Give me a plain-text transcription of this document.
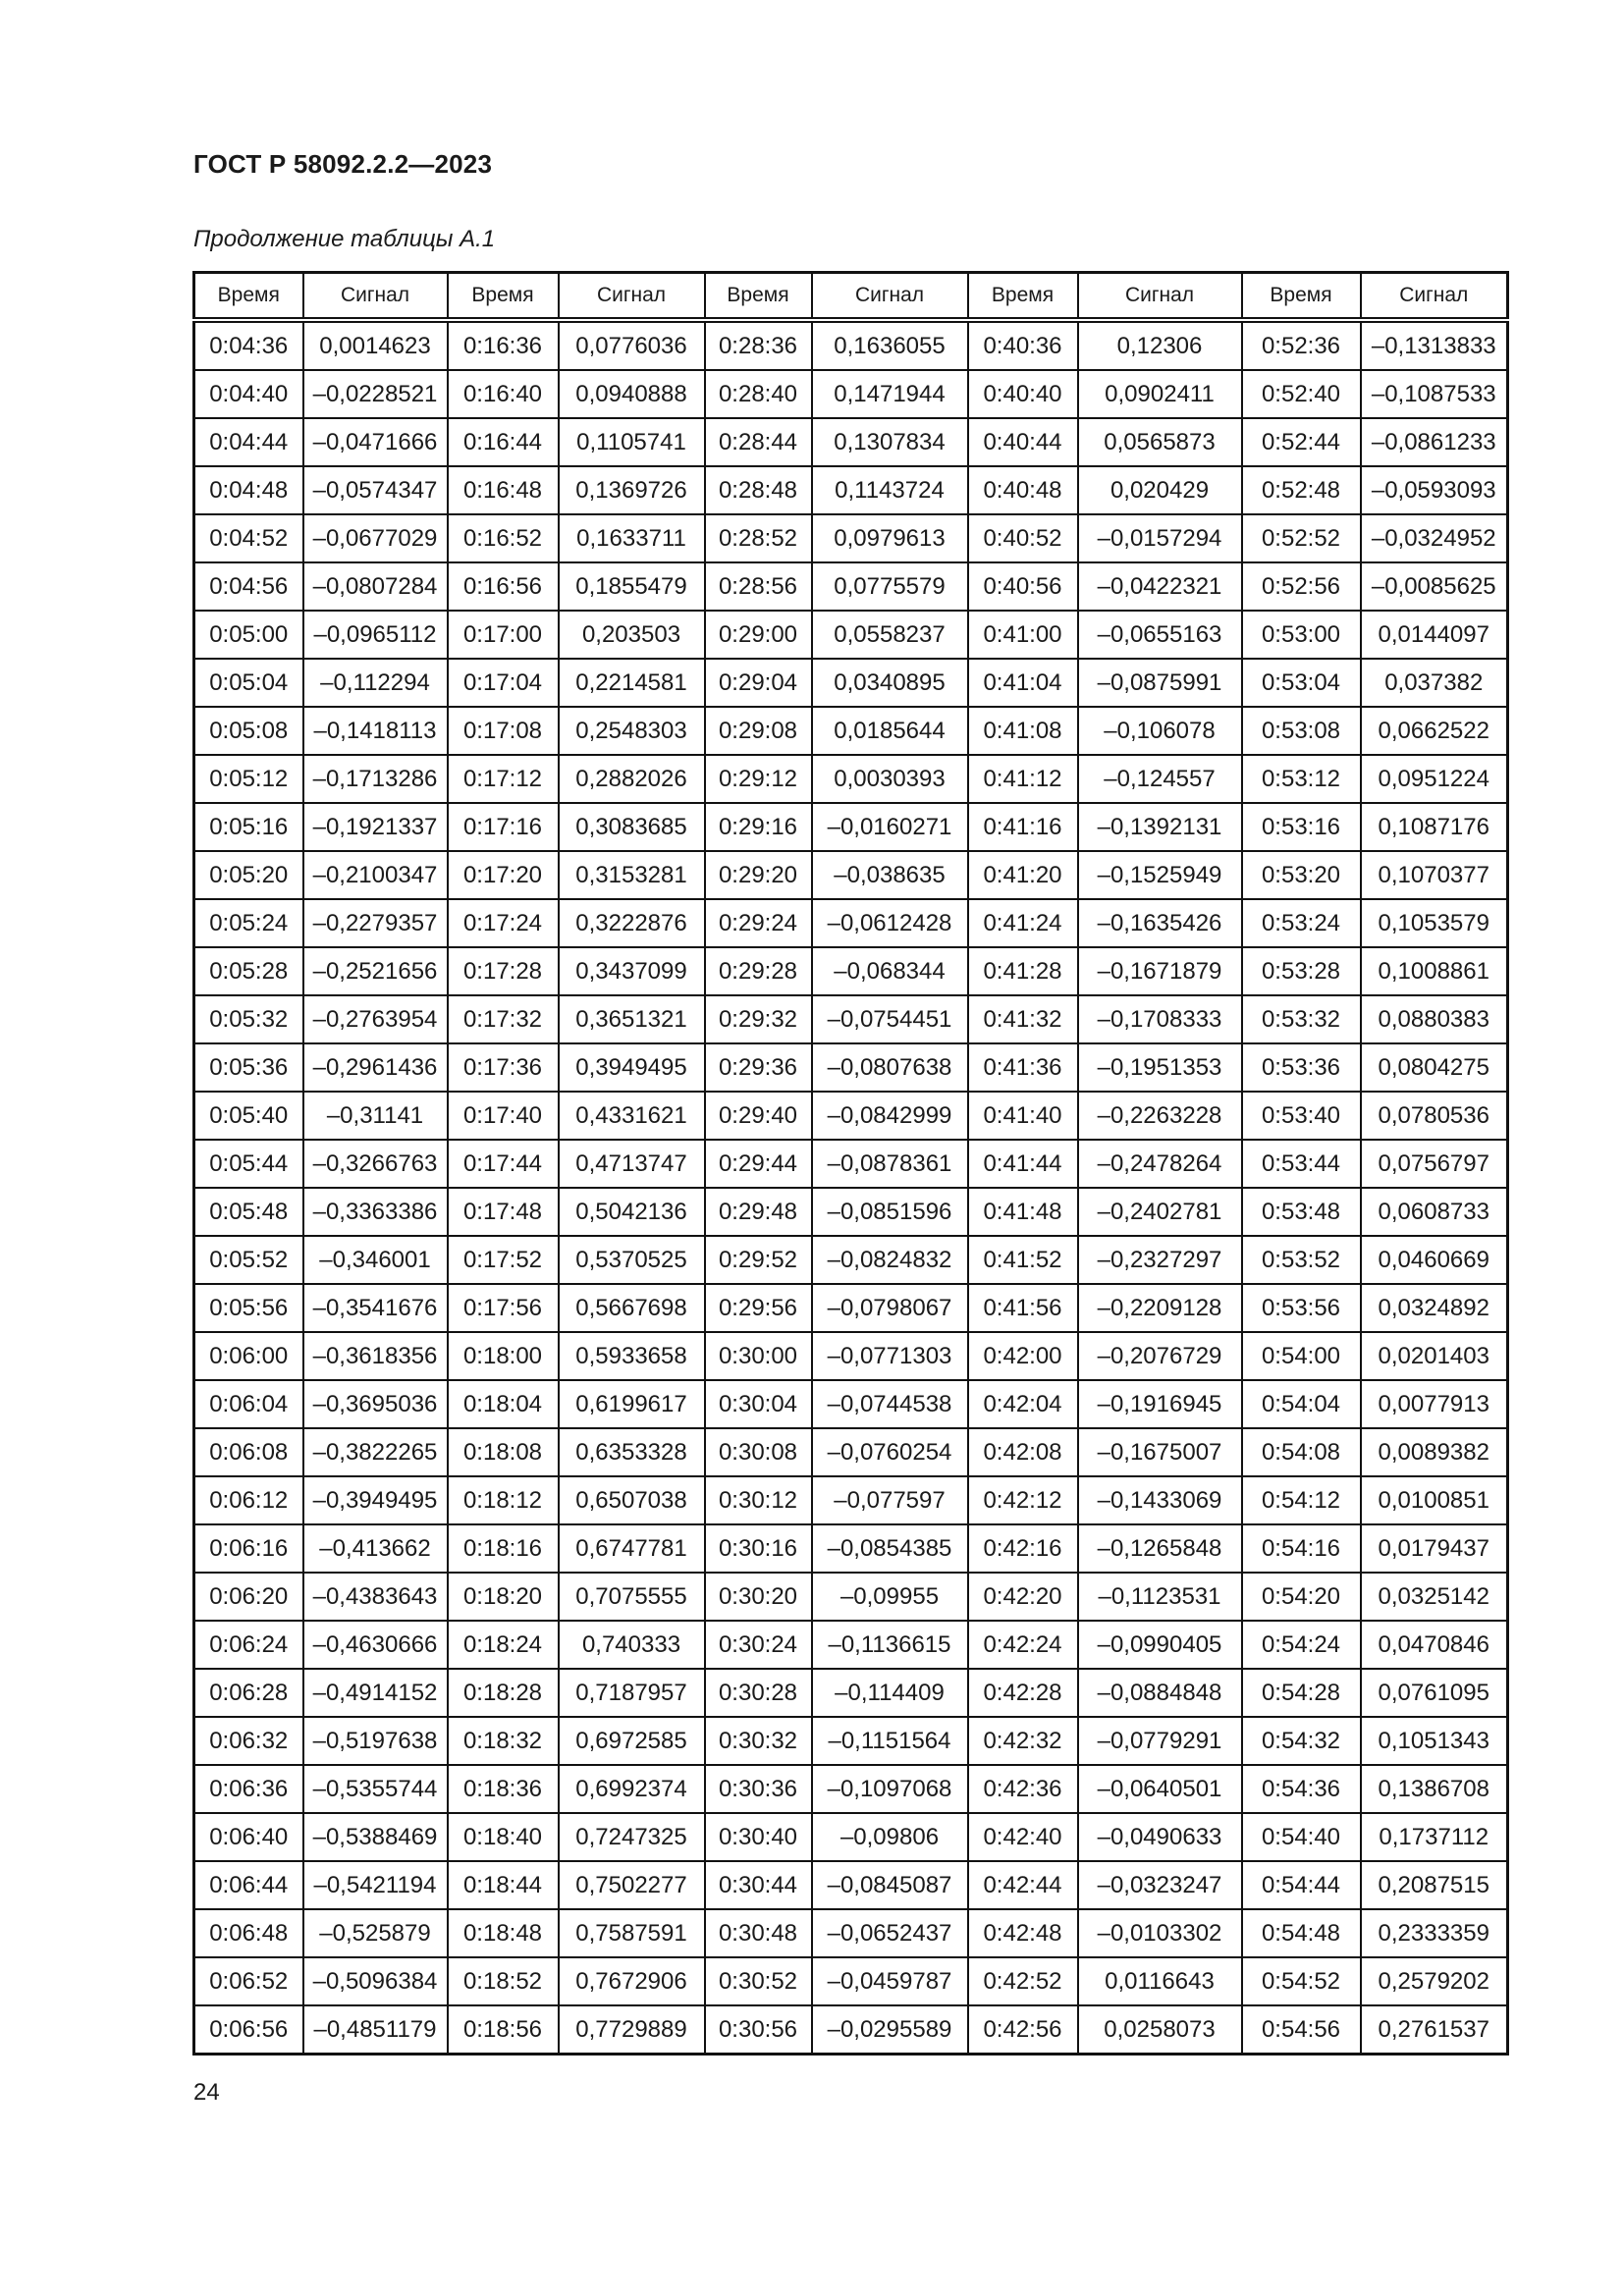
ГОСТ Р 58092.2.2—2023
Продолжение таблицы А.1
Время	Сигнал	Время	Сигнал	Время	Сигнал	Время	Сигнал	Время	Сигнал
0:04:36	0,0014623	0:16:36	0,0776036	0:28:36	0,1636055	0:40:36	0,12306	0:52:36	–0,1313833
0:04:40	–0,0228521	0:16:40	0,0940888	0:28:40	0,1471944	0:40:40	0,0902411	0:52:40	–0,1087533
0:04:44	–0,0471666	0:16:44	0,1105741	0:28:44	0,1307834	0:40:44	0,0565873	0:52:44	–0,0861233
0:04:48	–0,0574347	0:16:48	0,1369726	0:28:48	0,1143724	0:40:48	0,020429	0:52:48	–0,0593093
0:04:52	–0,0677029	0:16:52	0,1633711	0:28:52	0,0979613	0:40:52	–0,0157294	0:52:52	–0,0324952
0:04:56	–0,0807284	0:16:56	0,1855479	0:28:56	0,0775579	0:40:56	–0,0422321	0:52:56	–0,0085625
0:05:00	–0,0965112	0:17:00	0,203503	0:29:00	0,0558237	0:41:00	–0,0655163	0:53:00	0,0144097
0:05:04	–0,112294	0:17:04	0,2214581	0:29:04	0,0340895	0:41:04	–0,0875991	0:53:04	0,037382
0:05:08	–0,1418113	0:17:08	0,2548303	0:29:08	0,0185644	0:41:08	–0,106078	0:53:08	0,0662522
0:05:12	–0,1713286	0:17:12	0,2882026	0:29:12	0,0030393	0:41:12	–0,124557	0:53:12	0,0951224
0:05:16	–0,1921337	0:17:16	0,3083685	0:29:16	–0,0160271	0:41:16	–0,1392131	0:53:16	0,1087176
0:05:20	–0,2100347	0:17:20	0,3153281	0:29:20	–0,038635	0:41:20	–0,1525949	0:53:20	0,1070377
0:05:24	–0,2279357	0:17:24	0,3222876	0:29:24	–0,0612428	0:41:24	–0,1635426	0:53:24	0,1053579
0:05:28	–0,2521656	0:17:28	0,3437099	0:29:28	–0,068344	0:41:28	–0,1671879	0:53:28	0,1008861
0:05:32	–0,2763954	0:17:32	0,3651321	0:29:32	–0,0754451	0:41:32	–0,1708333	0:53:32	0,0880383
0:05:36	–0,2961436	0:17:36	0,3949495	0:29:36	–0,0807638	0:41:36	–0,1951353	0:53:36	0,0804275
0:05:40	–0,31141	0:17:40	0,4331621	0:29:40	–0,0842999	0:41:40	–0,2263228	0:53:40	0,0780536
0:05:44	–0,3266763	0:17:44	0,4713747	0:29:44	–0,0878361	0:41:44	–0,2478264	0:53:44	0,0756797
0:05:48	–0,3363386	0:17:48	0,5042136	0:29:48	–0,0851596	0:41:48	–0,2402781	0:53:48	0,0608733
0:05:52	–0,346001	0:17:52	0,5370525	0:29:52	–0,0824832	0:41:52	–0,2327297	0:53:52	0,0460669
0:05:56	–0,3541676	0:17:56	0,5667698	0:29:56	–0,0798067	0:41:56	–0,2209128	0:53:56	0,0324892
0:06:00	–0,3618356	0:18:00	0,5933658	0:30:00	–0,0771303	0:42:00	–0,2076729	0:54:00	0,0201403
0:06:04	–0,3695036	0:18:04	0,6199617	0:30:04	–0,0744538	0:42:04	–0,1916945	0:54:04	0,0077913
0:06:08	–0,3822265	0:18:08	0,6353328	0:30:08	–0,0760254	0:42:08	–0,1675007	0:54:08	0,0089382
0:06:12	–0,3949495	0:18:12	0,6507038	0:30:12	–0,077597	0:42:12	–0,1433069	0:54:12	0,0100851
0:06:16	–0,413662	0:18:16	0,6747781	0:30:16	–0,0854385	0:42:16	–0,1265848	0:54:16	0,0179437
0:06:20	–0,4383643	0:18:20	0,7075555	0:30:20	–0,09955	0:42:20	–0,1123531	0:54:20	0,0325142
0:06:24	–0,4630666	0:18:24	0,740333	0:30:24	–0,1136615	0:42:24	–0,0990405	0:54:24	0,0470846
0:06:28	–0,4914152	0:18:28	0,7187957	0:30:28	–0,114409	0:42:28	–0,0884848	0:54:28	0,0761095
0:06:32	–0,5197638	0:18:32	0,6972585	0:30:32	–0,1151564	0:42:32	–0,0779291	0:54:32	0,1051343
0:06:36	–0,5355744	0:18:36	0,6992374	0:30:36	–0,1097068	0:42:36	–0,0640501	0:54:36	0,1386708
0:06:40	–0,5388469	0:18:40	0,7247325	0:30:40	–0,09806	0:42:40	–0,0490633	0:54:40	0,1737112
0:06:44	–0,5421194	0:18:44	0,7502277	0:30:44	–0,0845087	0:42:44	–0,0323247	0:54:44	0,2087515
0:06:48	–0,525879	0:18:48	0,7587591	0:30:48	–0,0652437	0:42:48	–0,0103302	0:54:48	0,2333359
0:06:52	–0,5096384	0:18:52	0,7672906	0:30:52	–0,0459787	0:42:52	0,0116643	0:54:52	0,2579202
0:06:56	–0,4851179	0:18:56	0,7729889	0:30:56	–0,0295589	0:42:56	0,0258073	0:54:56	0,2761537
24
